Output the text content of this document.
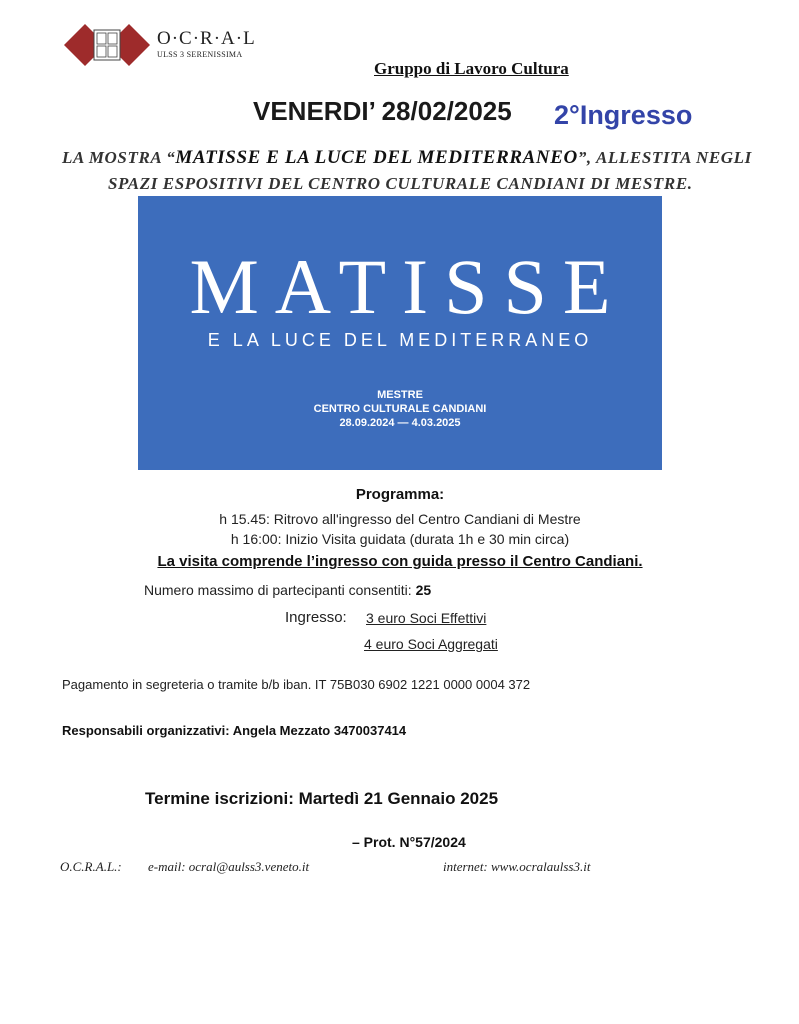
O·C·R·A·L
ULSS 3 SERENISSIMA
Gruppo di Lavoro Cultura
VENERDI’ 28/02/2025 2°Ingresso
LA MOSTRA “MATISSE E LA LUCE DEL MEDITERRANEO”, ALLESTITA NEGLI
SPAZI ESPOSITIVI DEL CENTRO CULTURALE CANDIANI DI MESTRE.
MATISSE
E LA LUCE DEL MEDITERRANEO
MESTRE
CENTRO CULTURALE CANDIANI
28.09.2024 — 4.03.2025
Programma:
h 15.45: Ritrovo all'ingresso del Centro Candiani di Mestre
h 16:00: Inizio Visita guidata (durata 1h e 30 min circa)
La visita comprende l’ingresso con guida presso il Centro Candiani.
Numero massimo di partecipanti consentiti: 25
Ingresso: 3 euro Soci Effettivi
4 euro Soci Aggregati
Pagamento in segreteria o tramite b/b iban. IT 75B030 6902 1221 0000 0004 372
Responsabili organizzativi: Angela Mezzato 3470037414
Termine iscrizioni: Martedì 21 Gennaio 2025
– Prot. N°57/2024
O.C.R.A.L.: e-mail: ocral@aulss3.veneto.it	internet: www.ocralaulss3.it
